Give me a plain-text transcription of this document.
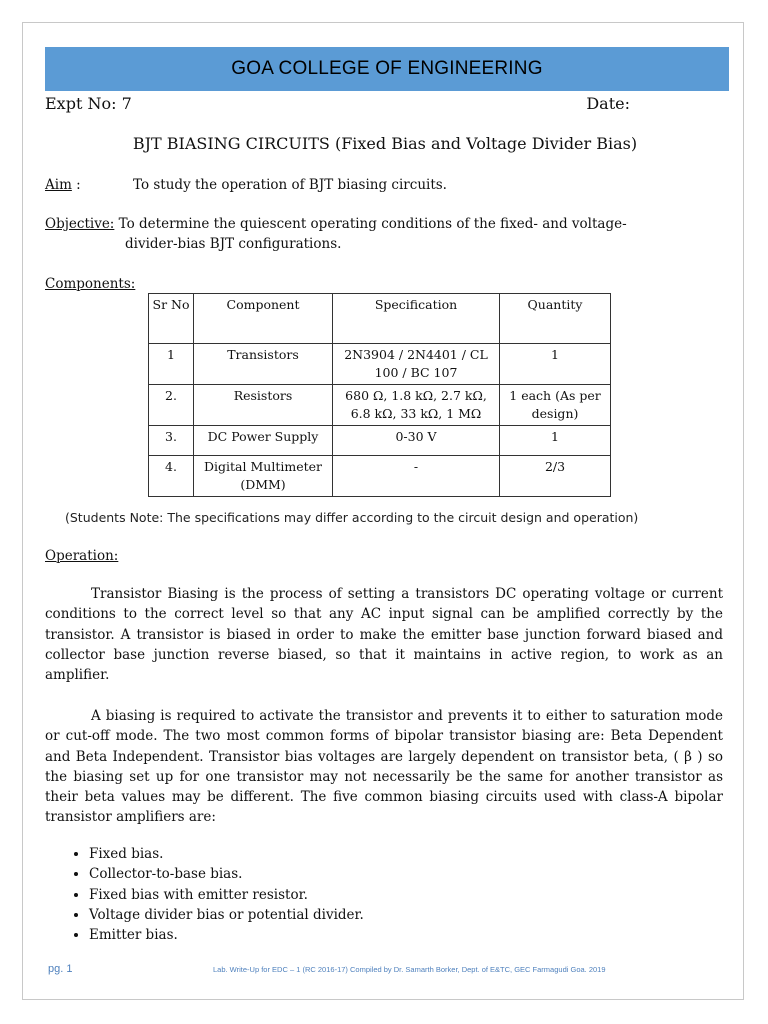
GOA COLLEGE OF ENGINEERING
Expt No: 7	Date:
BJT BIASING CIRCUITS (Fixed Bias and Voltage Divider Bias)
Aim :	To study the operation of BJT biasing circuits.
Objective: To determine the quiescent operating conditions of the fixed- and voltage-
divider-bias BJT configurations.
Components:
Sr No	Component	Specification	Quantity
1	Transistors	2N3904 / 2N4401 / CL 100 / BC 107	1
2.	Resistors	680 Ω, 1.8 kΩ, 2.7 kΩ, 6.8 kΩ, 33 kΩ, 1 MΩ	1 each (As per design)
3.	DC Power Supply	0-30 V	1
4.	Digital Multimeter (DMM)	-	2/3
(Students Note: The specifications may differ according to the circuit design and operation)
Operation:

Transistor Biasing is the process of setting a transistors DC operating voltage or current conditions to the correct level so that any AC input signal can be amplified correctly by the transistor. A transistor is biased in order to make the emitter base junction forward biased and collector base junction reverse biased, so that it maintains in active region, to work as an amplifier.

A biasing is required to activate the transistor and prevents it to either to saturation mode or cut-off mode. The two most common forms of bipolar transistor biasing are: Beta Dependent and Beta Independent. Transistor bias voltages are largely dependent on transistor beta, ( β ) so the biasing set up for one transistor may not necessarily be the same for another transistor as their beta values may be different. The five common biasing circuits used with class-A bipolar transistor amplifiers are:

• Fixed bias.
• Collector-to-base bias.
• Fixed bias with emitter resistor.
• Voltage divider bias or potential divider.
• Emitter bias.
pg. 1	Lab. Write-Up for EDC – 1 (RC 2016-17) Compiled by Dr. Samarth Borker, Dept. of E&TC, GEC Farmagudi Goa. 2019
